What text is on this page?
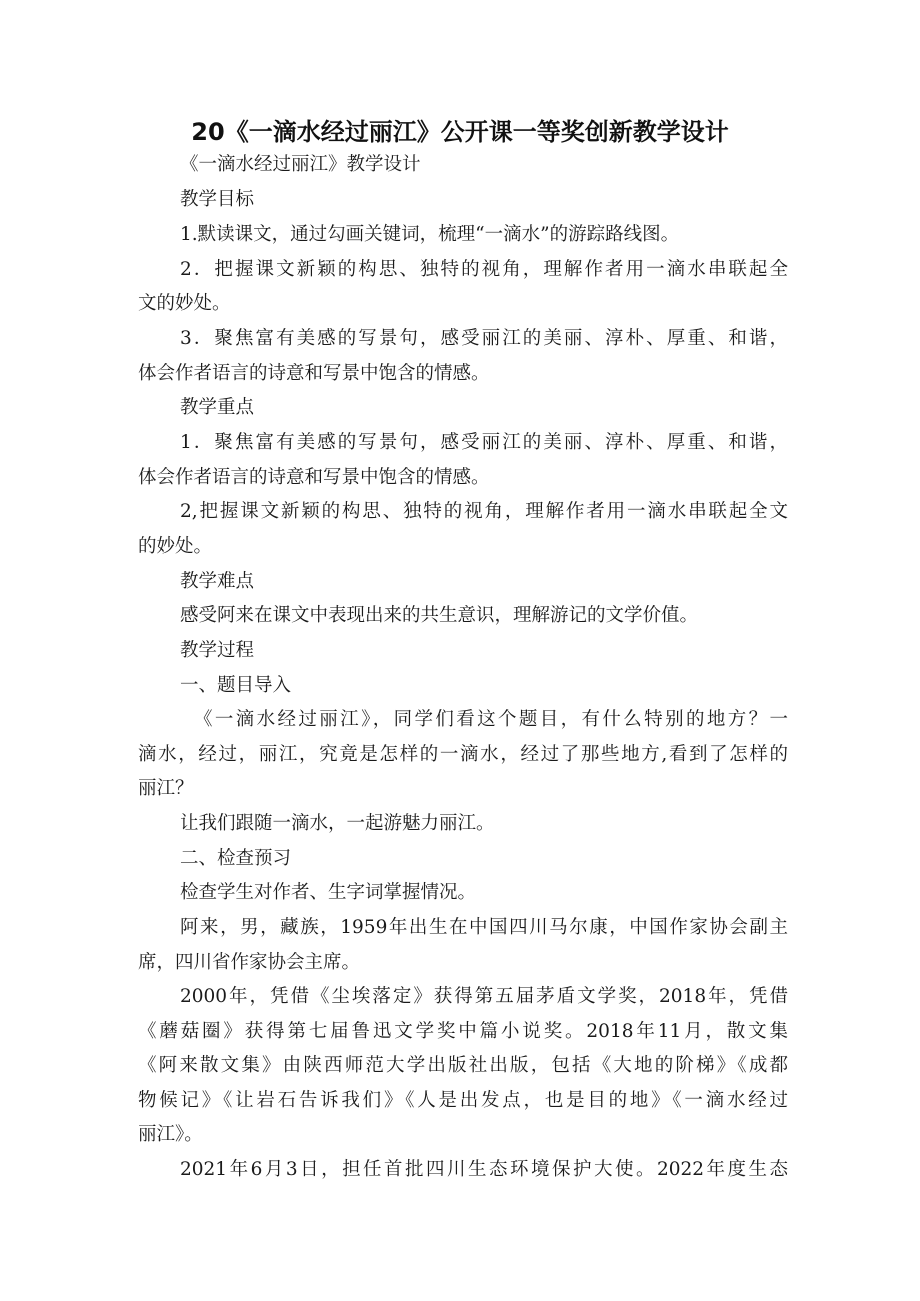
20《一滴水经过丽江》公开课一等奖创新教学设计
《一滴水经过丽江》教学设计
教学目标
1.默读课文，通过勾画关键词，梳理“一滴水”的游踪路线图。
2．把握课文新颖的构思、独特的视角，理解作者用一滴水串联起全
文的妙处。
3．聚焦富有美感的写景句，感受丽江的美丽、淳朴、厚重、和谐，
体会作者语言的诗意和写景中饱含的情感。
教学重点
1．聚焦富有美感的写景句，感受丽江的美丽、淳朴、厚重、和谐，
体会作者语言的诗意和写景中饱含的情感。
2,把握课文新颖的构思、独特的视角，理解作者用一滴水串联起全文
的妙处。
教学难点
感受阿来在课文中表现出来的共生意识，理解游记的文学价值。
教学过程
一、题目导入
《一滴水经过丽江》，同学们看这个题目，有什么特别的地方？一
滴水，经过，丽江，究竟是怎样的一滴水，经过了那些地方,看到了怎样的
丽江？
让我们跟随一滴水，一起游魅力丽江。
二、检查预习
检查学生对作者、生字词掌握情况。
阿来，男，藏族，1959年出生在中国四川马尔康，中国作家协会副主
席，四川省作家协会主席。
2000年，凭借《尘埃落定》获得第五届茅盾文学奖，2018年，凭借
《蘑菇圈》获得第七届鲁迅文学奖中篇小说奖。2018年11月，散文集
《阿来散文集》由陕西师范大学出版社出版，包括《大地的阶梯》《成都
物候记》《让岩石告诉我们》《人是出发点，也是目的地》《一滴水经过
丽江》。
2021年6月3日，担任首批四川生态环境保护大使。2022年度生态
